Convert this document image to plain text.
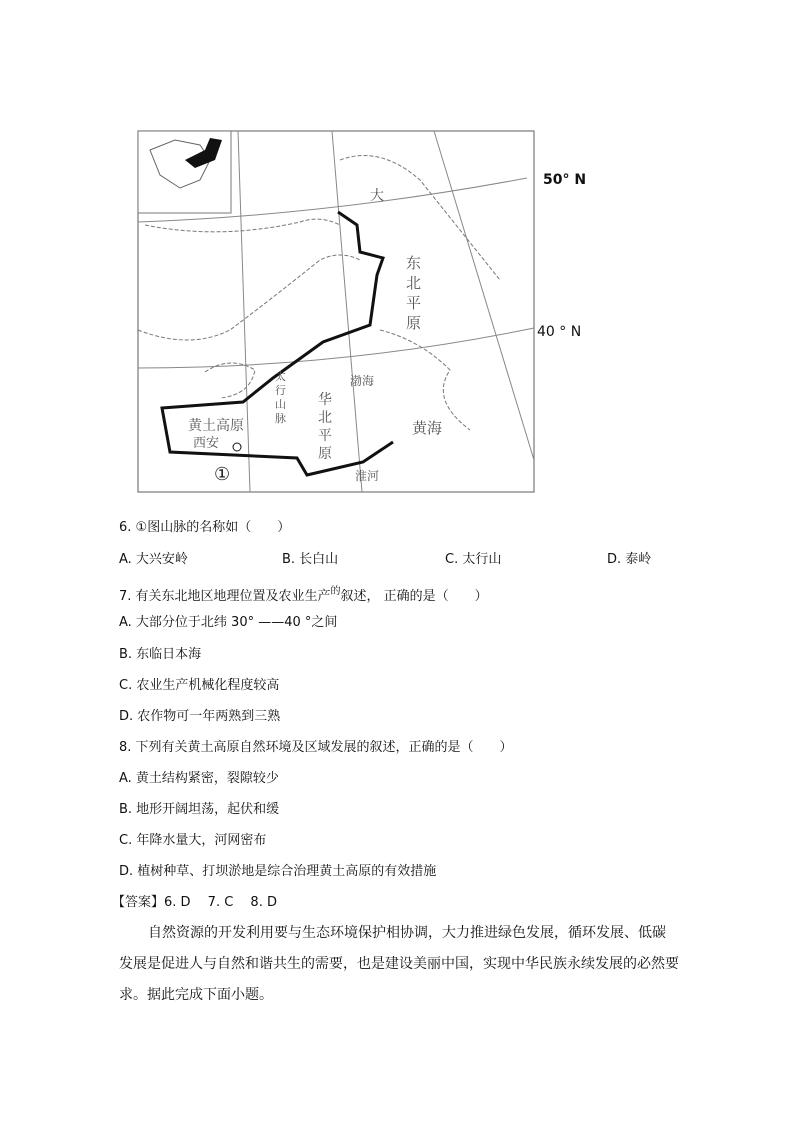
50° N
40 ° N
大
东
北
平
原
华
北
平
原
太
行
山
脉
黄土高原
西安
渤海
黄海
淮河
①
6. ①图山脉的名称如（　　）
A. 大兴安岭	B. 长白山	C. 太行山	D. 泰岭
7. 有关东北地区地理位置及农业生产$^的$叙述， 正确的是（　　）
A. 大部分位于北纬 30° ——40 °之间
B. 东临日本海
C. 农业生产机械化程度较高
D. 农作物可一年两熟到三熟
8. 下列有关黄土高原自然环境及区域发展的叙述，正确的是（　　）
A. 黄土结构紧密，裂隙较少
B. 地形开阔坦荡，起伏和缓
C. 年降水量大，河网密布
D. 植树种草、打坝淤地是综合治理黄土高原的有效措施
【答案】6. D　 7. C　 8. D
自然资源的开发利用要与生态环境保护相协调，大力推进绿色发展，循环发展、低碳发展是促进人与自然和谐共生的需要，也是建设美丽中国，实现中华民族永续发展的必然要求。据此完成下面小题。
